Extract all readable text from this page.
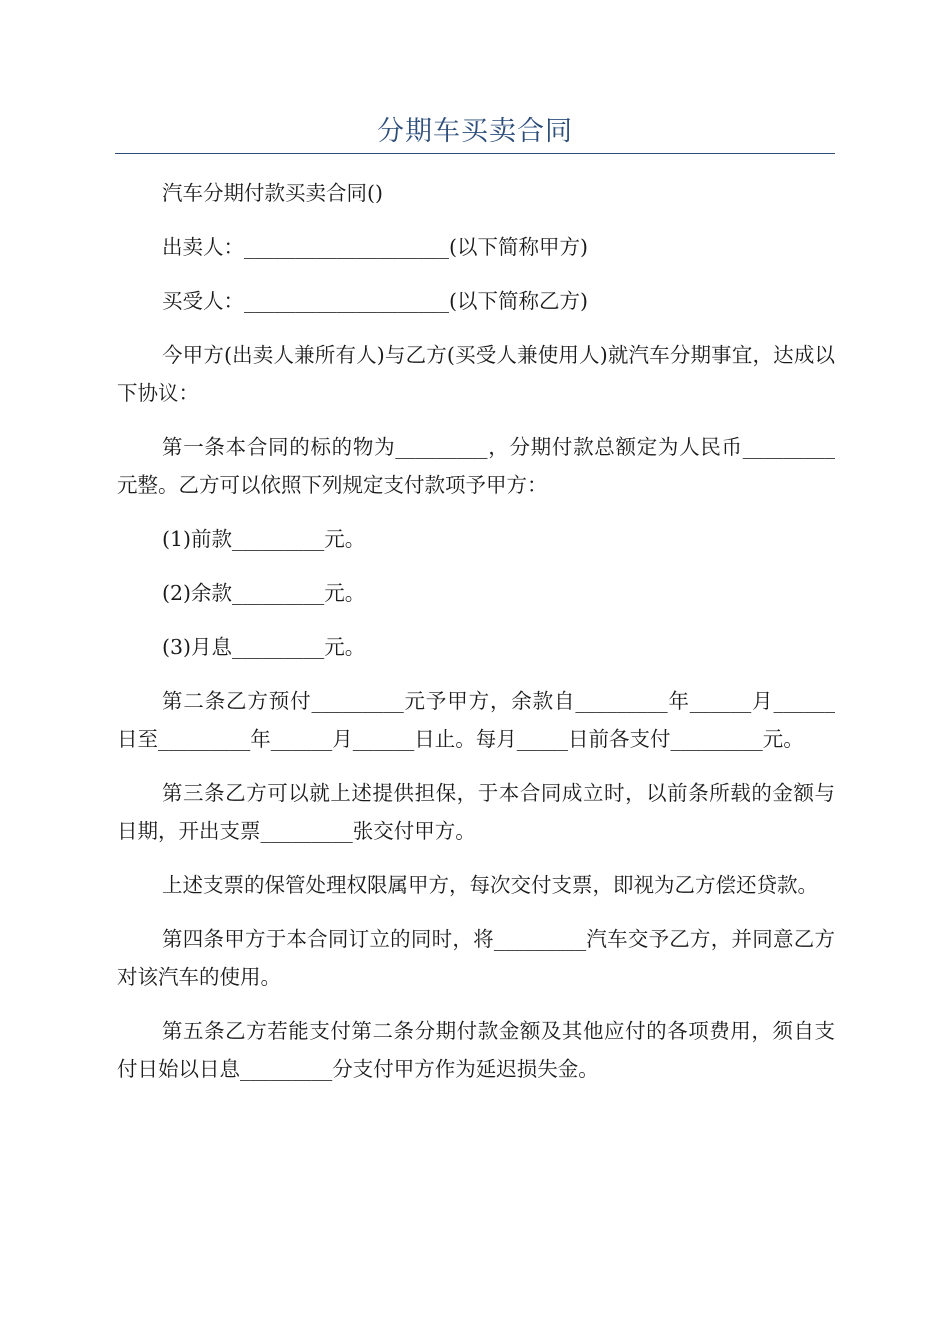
分期车买卖合同

汽车分期付款买卖合同()

出卖人：____________________(以下简称甲方)

买受人：____________________(以下简称乙方)

今甲方(出卖人兼所有人)与乙方(买受人兼使用人)就汽车分期事宜，达成以下协议：

第一条本合同的标的物为_________，分期付款总额定为人民币_________元整。乙方可以依照下列规定支付款项予甲方：

(1)前款_________元。

(2)余款_________元。

(3)月息_________元。

第二条乙方预付_________元予甲方，余款自_________年______月______日至_________年______月______日止。每月_____日前各支付_________元。

第三条乙方可以就上述提供担保，于本合同成立时，以前条所载的金额与日期，开出支票_________张交付甲方。

上述支票的保管处理权限属甲方，每次交付支票，即视为乙方偿还贷款。

第四条甲方于本合同订立的同时，将_________汽车交予乙方，并同意乙方对该汽车的使用。

第五条乙方若能支付第二条分期付款金额及其他应付的各项费用，须自支付日始以日息_________分支付甲方作为延迟损失金。
